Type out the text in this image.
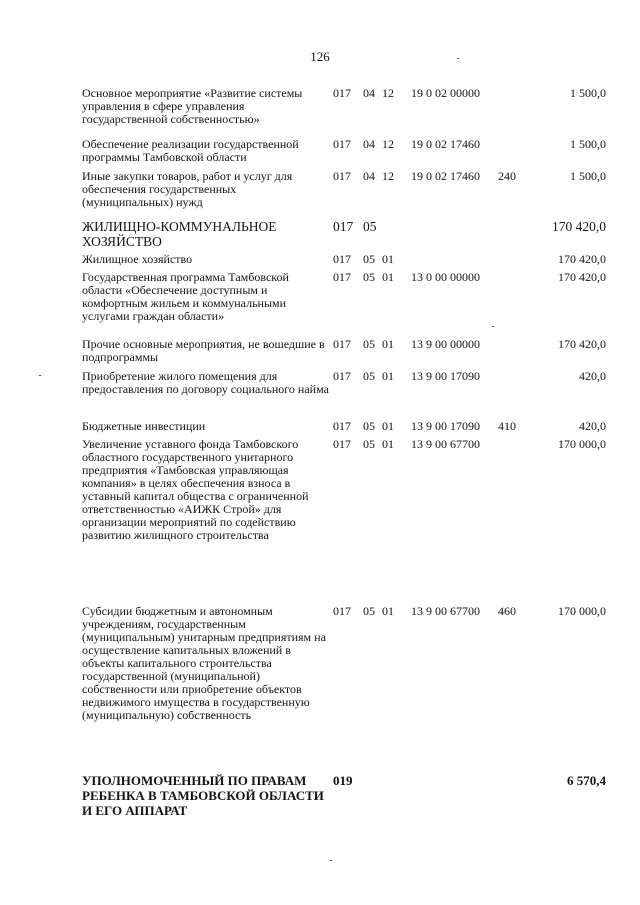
126
Основное мероприятие «Развитие системы управления в сфере управления государственной собственностью»
017 04 12 19 0 02 00000	1 500,0
Обеспечение реализации государственной программы Тамбовской области
017 04 12 19 0 02 17460	1 500,0
Иные закупки товаров, работ и услуг для обеспечения государственных (муниципальных) нужд
017 04 12 19 0 02 17460 240	1 500,0
ЖИЛИЩНО-КОММУНАЛЬНОЕ ХОЗЯЙСТВО
017 05	170 420,0
Жилищное хозяйство	017 05 01	170 420,0
Государственная программа Тамбовской области «Обеспечение доступным и комфортным жильем и коммунальными услугами граждан области»
017 05 01 13 0 00 00000	170 420,0
Прочие основные мероприятия, не вошедшие в подпрограммы
017 05 01 13 9 00 00000	170 420,0
Приобретение жилого помещения для предоставления по договору социального найма
017 05 01 13 9 00 17090	420,0
Бюджетные инвестиции	017 05 01 13 9 00 17090 410	420,0
Увеличение уставного фонда Тамбовского областного государственного унитарного предприятия «Тамбовская управляющая компания» в целях обеспечения взноса в уставный капитал общества с ограниченной ответственностью «АИЖК Строй» для организации мероприятий по содействию развитию жилищного строительства
017 05 01 13 9 00 67700	170 000,0
Субсидии бюджетным и автономным учреждениям, государственным (муниципальным) унитарным предприятиям на осуществление капитальных вложений в объекты капитального строительства государственной (муниципальной) собственности или приобретение объектов недвижимого имущества в государственную (муниципальную) собственность
017 05 01 13 9 00 67700 460	170 000,0
УПОЛНОМОЧЕННЫЙ ПО ПРАВАМ РЕБЕНКА В ТАМБОВСКОЙ ОБЛАСТИ И ЕГО АППАРАТ
019	6 570,4
